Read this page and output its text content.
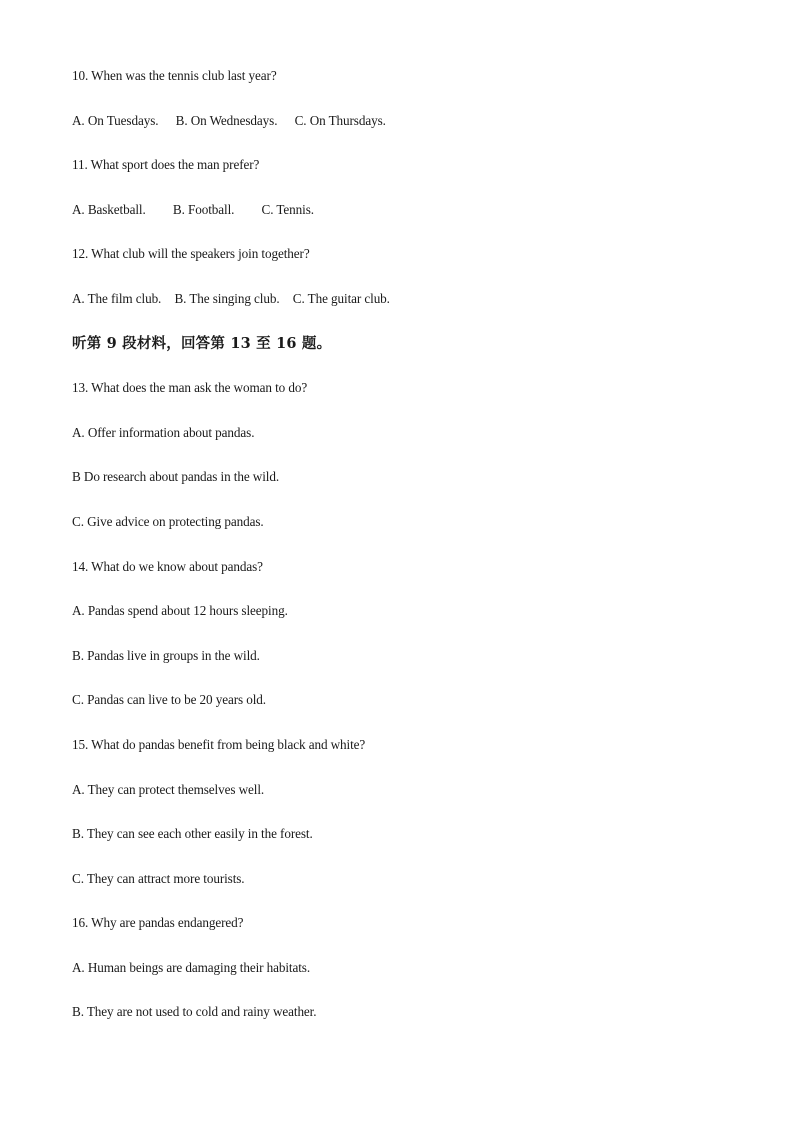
10. When was the tennis club last year?
A. On Tuesdays. B. On Wednesdays. C. On Thursdays.
11. What sport does the man prefer?
A. Basketball. B. Football. C. Tennis.
12. What club will the speakers join together?
A. The film club. B. The singing club. C. The guitar club.
听第 9 段材料，回答第 13 至 16 题。
13. What does the man ask the woman to do?
A. Offer information about pandas.
B Do research about pandas in the wild.
C. Give advice on protecting pandas.
14. What do we know about pandas?
A. Pandas spend about 12 hours sleeping.
B. Pandas live in groups in the wild.
C. Pandas can live to be 20 years old.
15. What do pandas benefit from being black and white?
A. They can protect themselves well.
B. They can see each other easily in the forest.
C. They can attract more tourists.
16. Why are pandas endangered?
A. Human beings are damaging their habitats.
B. They are not used to cold and rainy weather.
